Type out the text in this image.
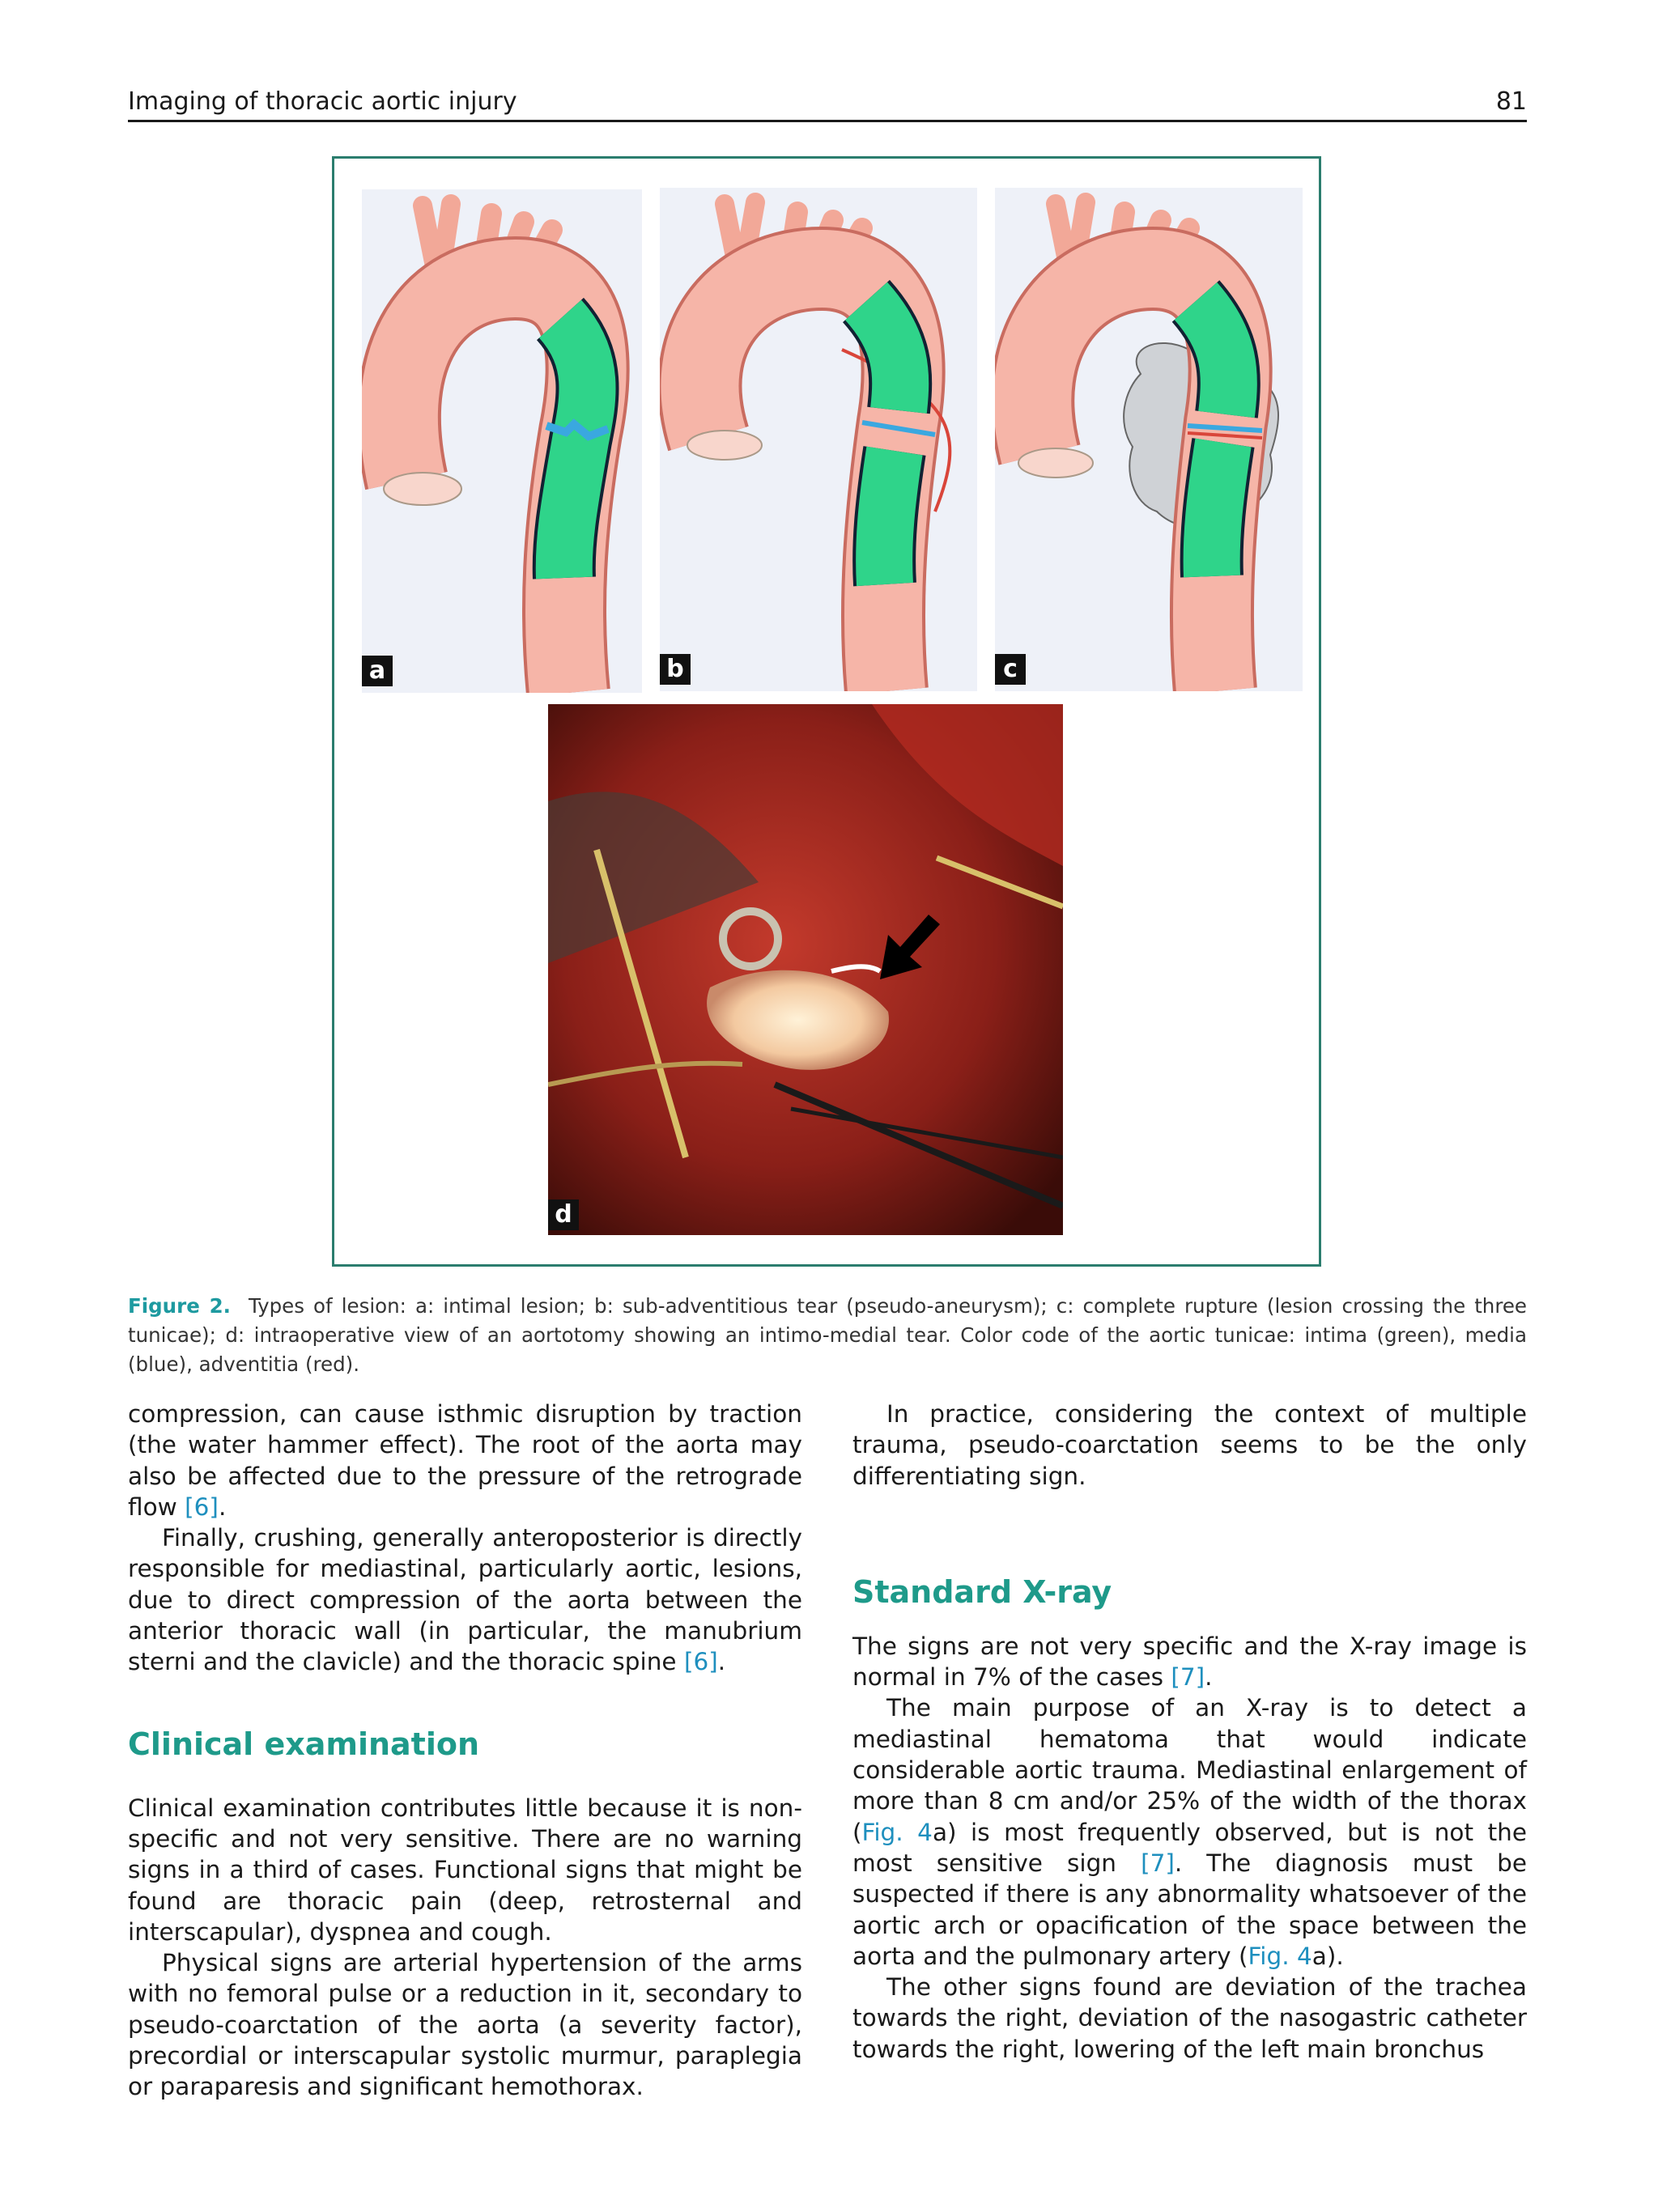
Imaging of thoracic aortic injury	81
a	b	c
d
Figure 2. Types of lesion: a: intimal lesion; b: sub-adventitious tear (pseudo-aneurysm); c: complete rupture (lesion crossing the three tunicae); d: intraoperative view of an aortotomy showing an intimo-medial tear. Color code of the aortic tunicae: intima (green), media (blue), adventitia (red).

compression, can cause isthmic disruption by traction (the water hammer effect). The root of the aorta may also be affected due to the pressure of the retrograde flow [6].

Finally, crushing, generally anteroposterior is directly responsible for mediastinal, particularly aortic, lesions, due to direct compression of the aorta between the anterior thoracic wall (in particular, the manubrium sterni and the clavicle) and the thoracic spine [6].

Clinical examination

Clinical examination contributes little because it is non-specific and not very sensitive. There are no warning signs in a third of cases. Functional signs that might be found are thoracic pain (deep, retrosternal and interscapular), dyspnea and cough.

Physical signs are arterial hypertension of the arms with no femoral pulse or a reduction in it, secondary to pseudo-coarctation of the aorta (a severity factor), precordial or interscapular systolic murmur, paraplegia or paraparesis and significant hemothorax.

In practice, considering the context of multiple trauma, pseudo-coarctation seems to be the only differentiating sign.

Standard X-ray

The signs are not very specific and the X-ray image is normal in 7% of the cases [7].

The main purpose of an X-ray is to detect a mediastinal hematoma that would indicate considerable aortic trauma. Mediastinal enlargement of more than 8 cm and/or 25% of the width of the thorax (Fig. 4a) is most frequently observed, but is not the most sensitive sign [7]. The diagnosis must be suspected if there is any abnormality whatsoever of the aortic arch or opacification of the space between the aorta and the pulmonary artery (Fig. 4a).

The other signs found are deviation of the trachea towards the right, deviation of the nasogastric catheter towards the right, lowering of the left main bronchus
